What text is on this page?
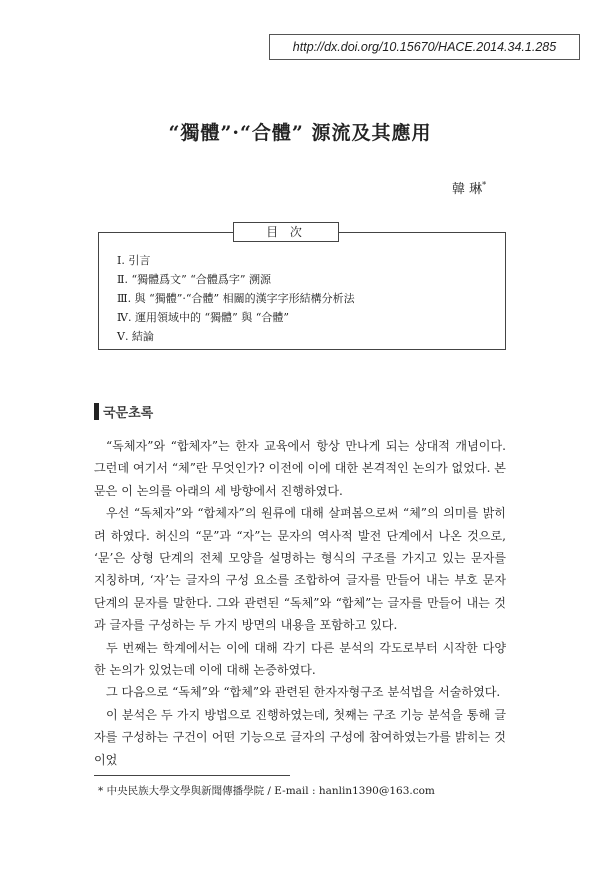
http://dx.doi.org/10.15670/HACE.2014.34.1.285
“獨體”·“合體” 源流及其應用
韓 琳*
Ⅰ. 引言
Ⅱ. “獨體爲文” “合體爲字” 溯源
Ⅲ. 與 “獨體”·“合體” 相關的漢字字形結構分析法
Ⅳ. 運用領域中的 “獨體” 與 “合體”
Ⅴ. 結論
目 次
국문초록

“독체자”와 “합체자”는 한자 교육에서 항상 만나게 되는 상대적 개념이다. 그런데 여기서 “체”란 무엇인가? 이전에 이에 대한 본격적인 논의가 없었다. 본문은 이 논의를 아래의 세 방향에서 진행하였다.

우선 “독체자”와 “합체자”의 원류에 대해 살펴봄으로써 “체”의 의미를 밝히려 하였다. 허신의 “문”과 “자”는 문자의 역사적 발전 단계에서 나온 것으로, ‘문’은 상형 단계의 전체 모양을 설명하는 형식의 구조를 가지고 있는 문자를 지칭하며, ‘자’는 글자의 구성 요소를 조합하여 글자를 만들어 내는 부호 문자 단계의 문자를 말한다. 그와 관련된 “독체”와 “합체”는 글자를 만들어 내는 것과 글자를 구성하는 두 가지 방면의 내용을 포함하고 있다.

두 번째는 학계에서는 이에 대해 각기 다른 분석의 각도로부터 시작한 다양한 논의가 있었는데 이에 대해 논증하였다.

그 다음으로 “독체”와 “합체”와 관련된 한자자형구조 분석법을 서술하였다.

이 분석은 두 가지 방법으로 진행하였는데, 첫째는 구조 기능 분석을 통해 글자를 구성하는 구건이 어떤 기능으로 글자의 구성에 참여하였는가를 밝히는 것이었

* 中央民族大學文學與新聞傳播學院 / E-mail : hanlin1390@163.com
